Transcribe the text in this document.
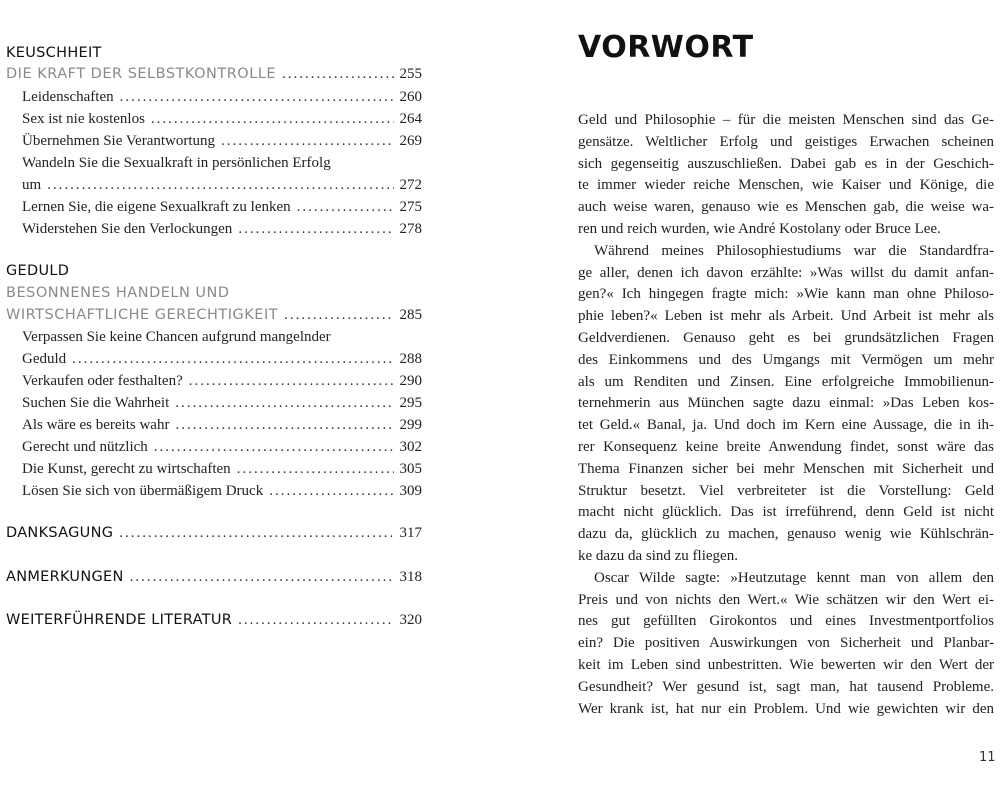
KEUSCHHEIT
DIE KRAFT DER SELBSTKONTROLLE .....	255
Leidenschaften .....	260
Sex ist nie kostenlos .....	264
Übernehmen Sie Verantwortung .....	269
Wandeln Sie die Sexualkraft in persönlichen Erfolg
um .....	272
Lernen Sie, die eigene Sexualkraft zu lenken .....	275
Widerstehen Sie den Verlockungen .....	278
GEDULD
BESONNENES HANDELN UND
WIRTSCHAFTLICHE GERECHTIGKEIT .....	285
Verpassen Sie keine Chancen aufgrund mangelnder
Geduld .....	288
Verkaufen oder festhalten? .....	290
Suchen Sie die Wahrheit .....	295
Als wäre es bereits wahr .....	299
Gerecht und nützlich .....	302
Die Kunst, gerecht zu wirtschaften .....	305
Lösen Sie sich von übermäßigem Druck .....	309
DANKSAGUNG .....	317
ANMERKUNGEN .....	318
WEITERFÜHRENDE LITERATUR .....	320
VORWORT
Geld und Philosophie – für die meisten Menschen sind das Ge-
gensätze. Weltlicher Erfolg und geistiges Erwachen scheinen
sich gegenseitig auszuschließen. Dabei gab es in der Geschich-
te immer wieder reiche Menschen, wie Kaiser und Könige, die
auch weise waren, genauso wie es Menschen gab, die weise wa-
ren und reich wurden, wie André Kostolany oder Bruce Lee.
Während meines Philosophiestudiums war die Standardfra-
ge aller, denen ich davon erzählte: »Was willst du damit anfan-
gen?« Ich hingegen fragte mich: »Wie kann man ohne Philoso-
phie leben?« Leben ist mehr als Arbeit. Und Arbeit ist mehr als
Geldverdienen. Genauso geht es bei grundsätzlichen Fragen
des Einkommens und des Umgangs mit Vermögen um mehr
als um Renditen und Zinsen. Eine erfolgreiche Immobilienun-
ternehmerin aus München sagte dazu einmal: »Das Leben kos-
tet Geld.« Banal, ja. Und doch im Kern eine Aussage, die in ih-
rer Konsequenz keine breite Anwendung findet, sonst wäre das
Thema Finanzen sicher bei mehr Menschen mit Sicherheit und
Struktur besetzt. Viel verbreiteter ist die Vorstellung: Geld
macht nicht glücklich. Das ist irreführend, denn Geld ist nicht
dazu da, glücklich zu machen, genauso wenig wie Kühlschrän-
ke dazu da sind zu fliegen.
Oscar Wilde sagte: »Heutzutage kennt man von allem den
Preis und von nichts den Wert.« Wie schätzen wir den Wert ei-
nes gut gefüllten Girokontos und eines Investmentportfolios
ein? Die positiven Auswirkungen von Sicherheit und Planbar-
keit im Leben sind unbestritten. Wie bewerten wir den Wert der
Gesundheit? Wer gesund ist, sagt man, hat tausend Probleme.
Wer krank ist, hat nur ein Problem. Und wie gewichten wir den
11
